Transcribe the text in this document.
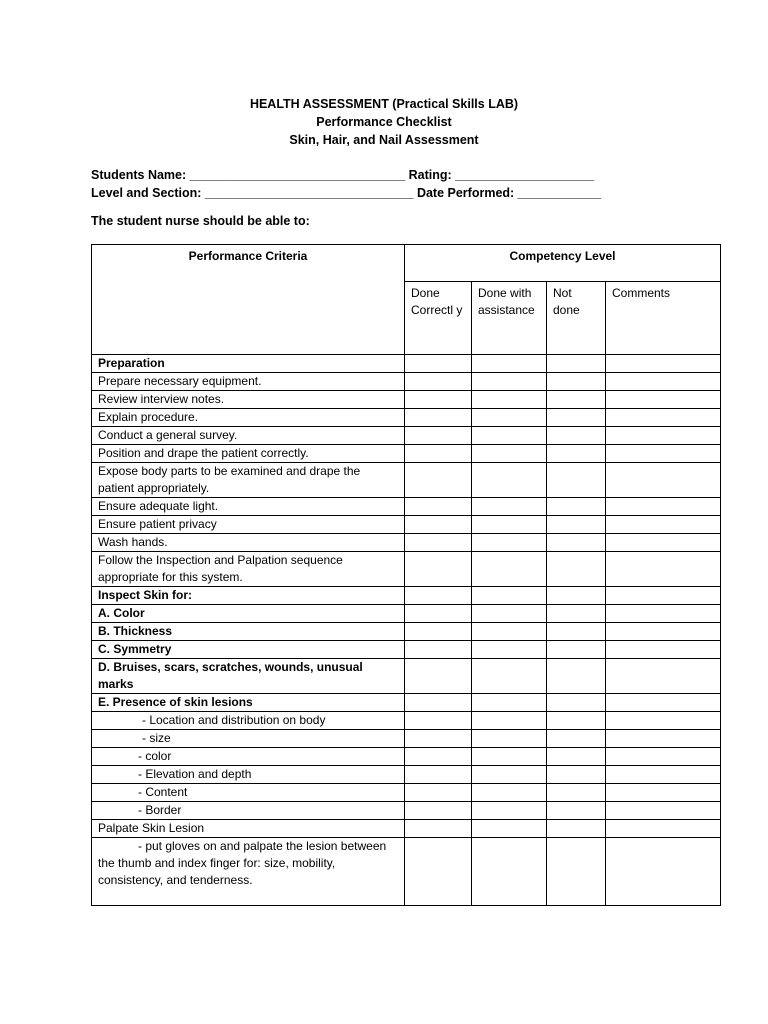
HEALTH ASSESSMENT (Practical Skills LAB)
Performance Checklist
Skin, Hair, and Nail Assessment
Students Name: _______________________________ Rating: ____________________
Level and Section: ______________________________ Date Performed: ____________
The student nurse should be able to:
Performance Criteria	Competency Level			
	Done Correctl y	Done with assistance	Not done	Comments
Preparation				
Prepare necessary equipment.				
Review interview notes.				
Explain procedure.				
Conduct a general survey.				
Position and drape the patient correctly.				
Expose body parts to be examined and drape the patient appropriately.				
Ensure adequate light.				
Ensure patient privacy				
Wash hands.				
Follow the Inspection and Palpation sequence appropriate for this system.				
Inspect Skin for:				
A. Color				
B. Thickness				
C. Symmetry				
D. Bruises, scars, scratches, wounds, unusual marks				
E. Presence of skin lesions				
- Location and distribution on body				
- size				
- color				
- Elevation and depth				
- Content				
- Border				
Palpate Skin Lesion				
- put gloves on and palpate the lesion between the thumb and index finger for: size, mobility, consistency, and tenderness.				
